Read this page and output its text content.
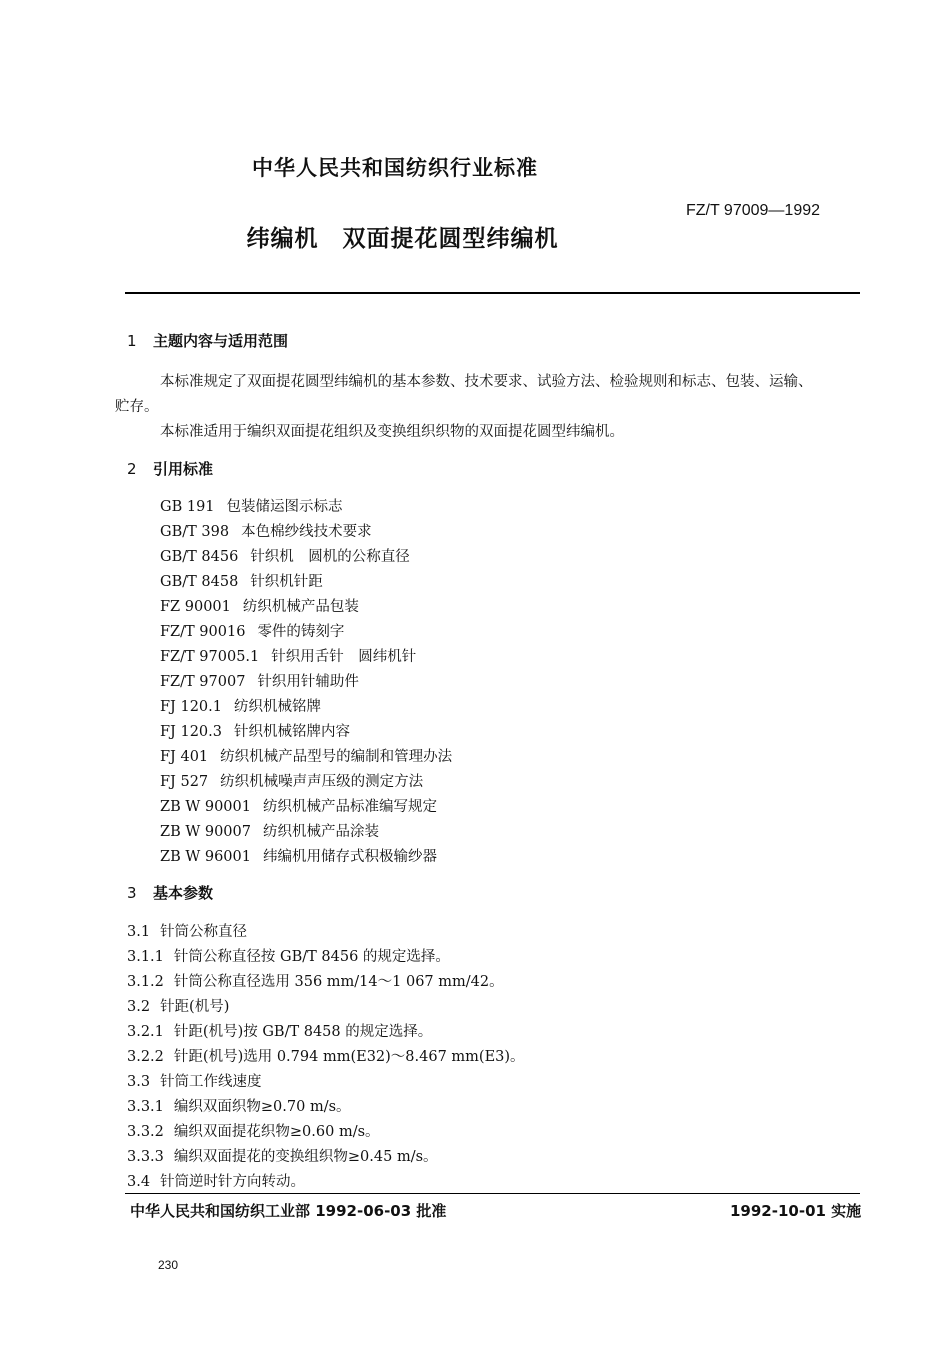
中华人民共和国纺织行业标准
FZ/T 97009—1992
纬编机　双面提花圆型纬编机
1 主题内容与适用范围
本标准规定了双面提花圆型纬编机的基本参数、技术要求、试验方法、检验规则和标志、包装、运输、
贮存。
本标准适用于编织双面提花组织及变换组织织物的双面提花圆型纬编机。
2 引用标准
GB 191 包装储运图示标志
GB/T 398 本色棉纱线技术要求
GB/T 8456 针织机　圆机的公称直径
GB/T 8458 针织机针距
FZ 90001 纺织机械产品包装
FZ/T 90016 零件的铸刻字
FZ/T 97005.1 针织用舌针　圆纬机针
FZ/T 97007 针织用针辅助件
FJ 120.1 纺织机械铭牌
FJ 120.3 针织机械铭牌内容
FJ 401 纺织机械产品型号的编制和管理办法
FJ 527 纺织机械噪声声压级的测定方法
ZB W 90001 纺织机械产品标准编写规定
ZB W 90007 纺织机械产品涂装
ZB W 96001 纬编机用储存式积极输纱器
3 基本参数
3.1 针筒公称直径
3.1.1 针筒公称直径按 GB/T 8456 的规定选择。
3.1.2 针筒公称直径选用 356 mm/14～1 067 mm/42。
3.2 针距(机号)
3.2.1 针距(机号)按 GB/T 8458 的规定选择。
3.2.2 针距(机号)选用 0.794 mm(E32)～8.467 mm(E3)。
3.3 针筒工作线速度
3.3.1 编织双面织物≥0.70 m/s。
3.3.2 编织双面提花织物≥0.60 m/s。
3.3.3 编织双面提花的变换组织物≥0.45 m/s。
3.4 针筒逆时针方向转动。
中华人民共和国纺织工业部 1992-06-03 批准	1992-10-01 实施
230
